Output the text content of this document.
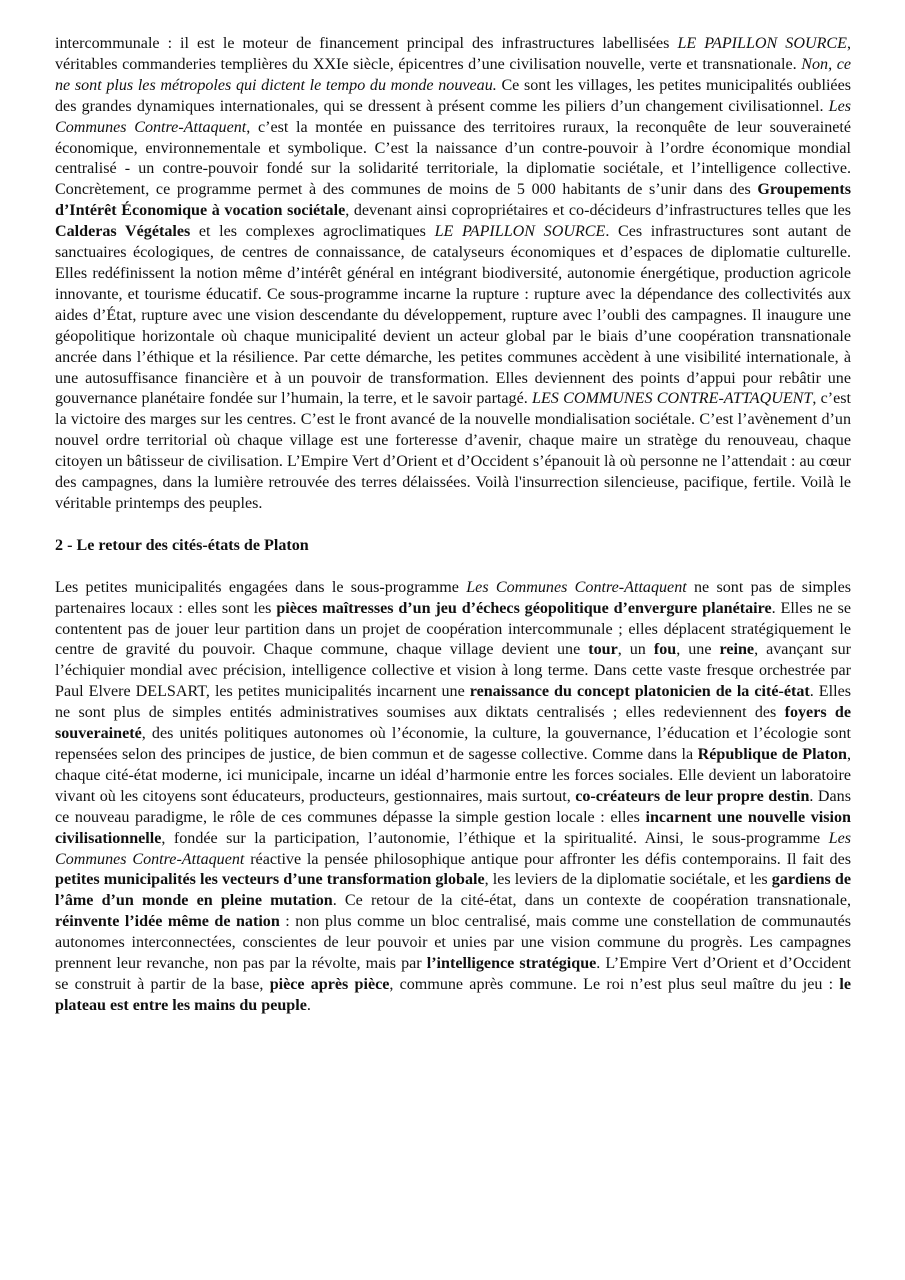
intercommunale : il est le moteur de financement principal des infrastructures labellisées LE PAPILLON SOURCE, véritables commanderies templières du XXIe siècle, épicentres d’une civilisation nouvelle, verte et transnationale. Non, ce ne sont plus les métropoles qui dictent le tempo du monde nouveau. Ce sont les villages, les petites municipalités oubliées des grandes dynamiques internationales, qui se dressent à présent comme les piliers d’un changement civilisationnel. Les Communes Contre-Attaquent, c’est la montée en puissance des territoires ruraux, la reconquête de leur souveraineté économique, environnementale et symbolique. C’est la naissance d’un contre-pouvoir à l’ordre économique mondial centralisé - un contre-pouvoir fondé sur la solidarité territoriale, la diplomatie sociétale, et l’intelligence collective. Concrètement, ce programme permet à des communes de moins de 5 000 habitants de s’unir dans des Groupements d’Intérêt Économique à vocation sociétale, devenant ainsi copropriétaires et co-décideurs d’infrastructures telles que les Calderas Végétales et les complexes agroclimatiques LE PAPILLON SOURCE. Ces infrastructures sont autant de sanctuaires écologiques, de centres de connaissance, de catalyseurs économiques et d’espaces de diplomatie culturelle. Elles redéfinissent la notion même d’intérêt général en intégrant biodiversité, autonomie énergétique, production agricole innovante, et tourisme éducatif. Ce sous-programme incarne la rupture : rupture avec la dépendance des collectivités aux aides d’État, rupture avec une vision descendante du développement, rupture avec l’oubli des campagnes. Il inaugure une géopolitique horizontale où chaque municipalité devient un acteur global par le biais d’une coopération transnationale ancrée dans l’éthique et la résilience. Par cette démarche, les petites communes accèdent à une visibilité internationale, à une autosuffisance financière et à un pouvoir de transformation. Elles deviennent des points d’appui pour rebâtir une gouvernance planétaire fondée sur l’humain, la terre, et le savoir partagé. LES COMMUNES CONTRE-ATTAQUENT, c’est la victoire des marges sur les centres. C’est le front avancé de la nouvelle mondialisation sociétale. C’est l’avènement d’un nouvel ordre territorial où chaque village est une forteresse d’avenir, chaque maire un stratège du renouveau, chaque citoyen un bâtisseur de civilisation. L’Empire Vert d’Orient et d’Occident s’épanouit là où personne ne l’attendait : au cœur des campagnes, dans la lumière retrouvée des terres délaissées. Voilà l'insurrection silencieuse, pacifique, fertile. Voilà le véritable printemps des peuples.

2 - Le retour des cités-états de Platon

Les petites municipalités engagées dans le sous-programme Les Communes Contre-Attaquent ne sont pas de simples partenaires locaux : elles sont les pièces maîtresses d’un jeu d’échecs géopolitique d’envergure planétaire. Elles ne se contentent pas de jouer leur partition dans un projet de coopération intercommunale ; elles déplacent stratégiquement le centre de gravité du pouvoir. Chaque commune, chaque village devient une tour, un fou, une reine, avançant sur l’échiquier mondial avec précision, intelligence collective et vision à long terme. Dans cette vaste fresque orchestrée par Paul Elvere DELSART, les petites municipalités incarnent une renaissance du concept platonicien de la cité-état. Elles ne sont plus de simples entités administratives soumises aux diktats centralisés ; elles redeviennent des foyers de souveraineté, des unités politiques autonomes où l’économie, la culture, la gouvernance, l’éducation et l’écologie sont repensées selon des principes de justice, de bien commun et de sagesse collective. Comme dans la République de Platon, chaque cité-état moderne, ici municipale, incarne un idéal d’harmonie entre les forces sociales. Elle devient un laboratoire vivant où les citoyens sont éducateurs, producteurs, gestionnaires, mais surtout, co-créateurs de leur propre destin. Dans ce nouveau paradigme, le rôle de ces communes dépasse la simple gestion locale : elles incarnent une nouvelle vision civilisationnelle, fondée sur la participation, l’autonomie, l’éthique et la spiritualité. Ainsi, le sous-programme Les Communes Contre-Attaquent réactive la pensée philosophique antique pour affronter les défis contemporains. Il fait des petites municipalités les vecteurs d’une transformation globale, les leviers de la diplomatie sociétale, et les gardiens de l’âme d’un monde en pleine mutation. Ce retour de la cité-état, dans un contexte de coopération transnationale, réinvente l’idée même de nation : non plus comme un bloc centralisé, mais comme une constellation de communautés autonomes interconnectées, conscientes de leur pouvoir et unies par une vision commune du progrès. Les campagnes prennent leur revanche, non pas par la révolte, mais par l’intelligence stratégique. L’Empire Vert d’Orient et d’Occident se construit à partir de la base, pièce après pièce, commune après commune. Le roi n’est plus seul maître du jeu : le plateau est entre les mains du peuple.
